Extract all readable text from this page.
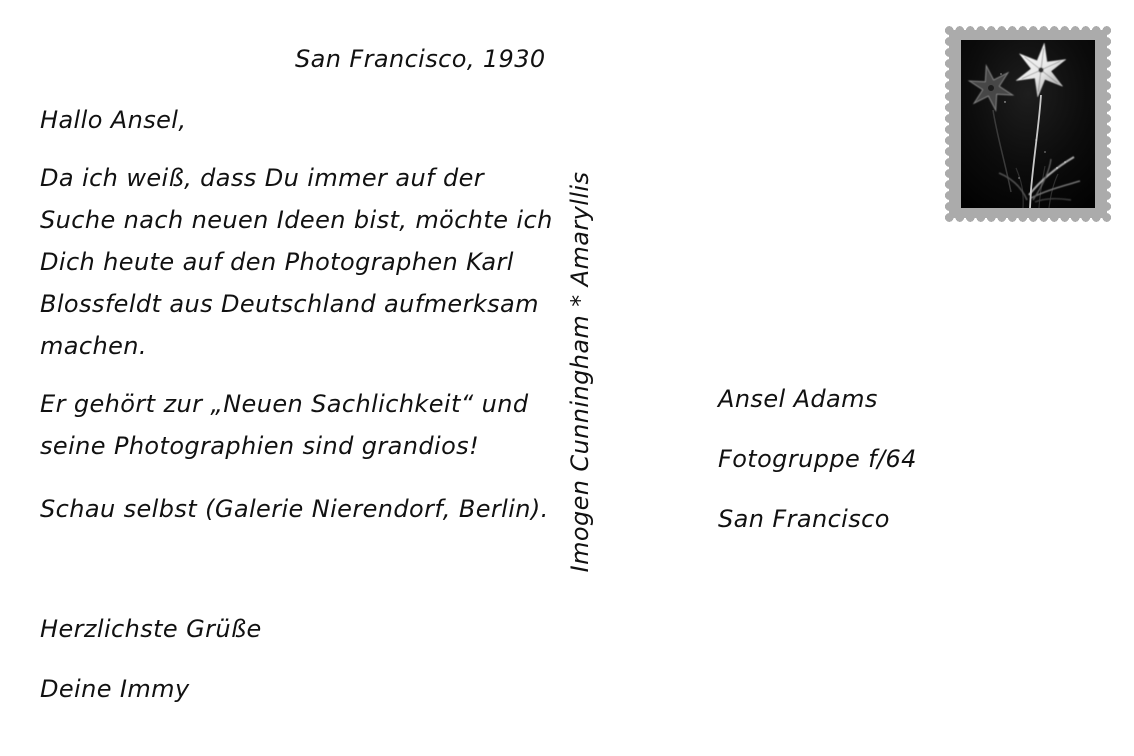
San Francisco, 1930
Hallo Ansel,
Da ich weiß, dass Du immer auf der
Suche nach neuen Ideen bist, möchte ich
Dich heute auf den Photographen Karl
Blossfeldt aus Deutschland aufmerksam
machen.
Er gehört zur „Neuen Sachlichkeit“ und
seine Photographien sind grandios!
Schau selbst (Galerie Nierendorf, Berlin).
Herzlichste Grüße
Deine Immy
Imogen Cunningham * Amaryllis	Ansel Adams
Fotogruppe f/64
San Francisco
